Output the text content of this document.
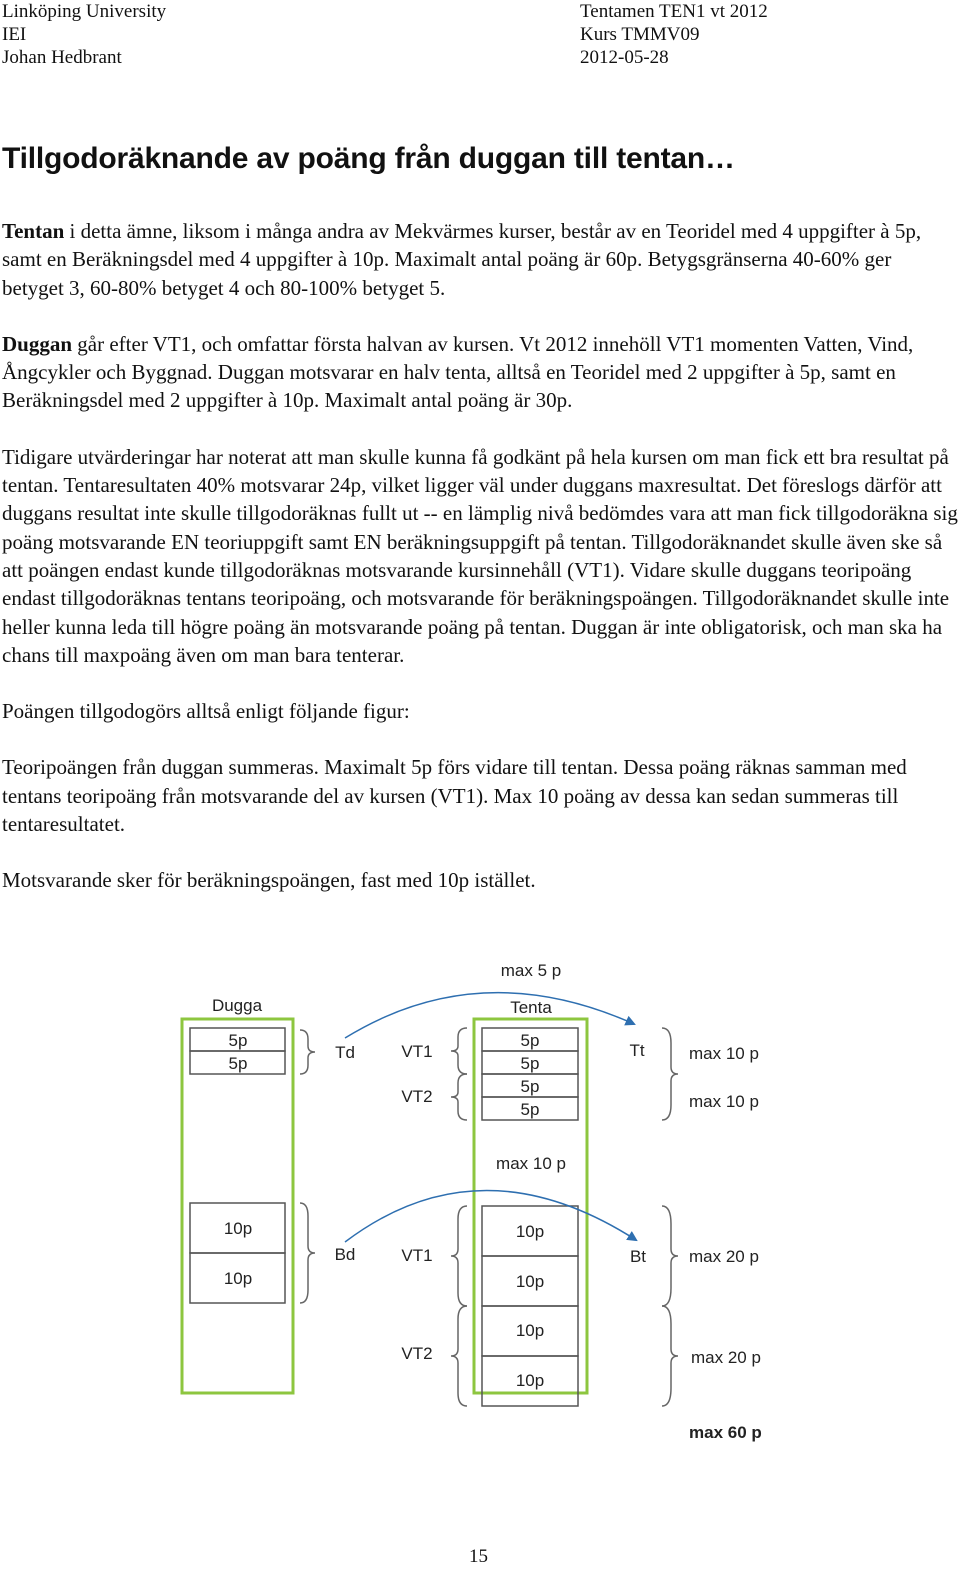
Linköping University
IEI
Johan Hedbrant
Tentamen TEN1 vt 2012
Kurs TMMV09
2012-05-28
Tillgodoräknande av poäng från duggan till tentan…

Tentan i detta ämne, liksom i många andra av Mekvärmes kurser, består av en Teoridel med 4 uppgifter à 5p, samt en Beräkningsdel med 4 uppgifter à 10p. Maximalt antal poäng är 60p. Betygsgränserna 40-60% ger betyget 3, 60-80% betyget 4 och 80-100% betyget 5.

Duggan går efter VT1, och omfattar första halvan av kursen. Vt 2012 innehöll VT1 momenten Vatten, Vind, Ångcykler och Byggnad. Duggan motsvarar en halv tenta, alltså en Teoridel med 2 uppgifter à 5p, samt en Beräkningsdel med 2 uppgifter à 10p. Maximalt antal poäng är 30p.

Tidigare utvärderingar har noterat att man skulle kunna få godkänt på hela kursen om man fick ett bra resultat på tentan. Tentaresultaten 40% motsvarar 24p, vilket ligger väl under duggans maxresultat. Det föreslogs därför att duggans resultat inte skulle tillgodoräknas fullt ut -- en lämplig nivå bedömdes vara att man fick tillgodoräkna sig poäng motsvarande EN teoriuppgift samt EN beräkningsuppgift på tentan. Tillgodoräknandet skulle även ske så att poängen endast kunde tillgodoräknas motsvarande kursinnehåll (VT1). Vidare skulle duggans teoripoäng endast tillgodoräknas tentans teoripoäng, och motsvarande för beräkningspoängen. Tillgodoräknandet skulle inte heller kunna leda till högre poäng än motsvarande poäng på tentan. Duggan är inte obligatorisk, och man ska ha chans till maxpoäng även om man bara tenterar.

Poängen tillgodogörs alltså enligt följande figur:

Teoripoängen från duggan summeras. Maximalt 5p förs vidare till tentan. Dessa poäng räknas samman med tentans teoripoäng från motsvarande del av kursen (VT1). Max 10 poäng av dessa kan sedan summeras till tentaresultatet.

Motsvarande sker för beräkningspoängen, fast med 10p istället.

Dugga	Tenta
5p
5p
10p
10p
5p
5p
5p
5p
10p
10p
10p
10p
Td
Bd
VT1
VT2
VT1
VT2
Tt
Bt
max 10 p
max 10 p
max 20 p
max 20 p
max 60 p
max 5 p
max 10 p
15
